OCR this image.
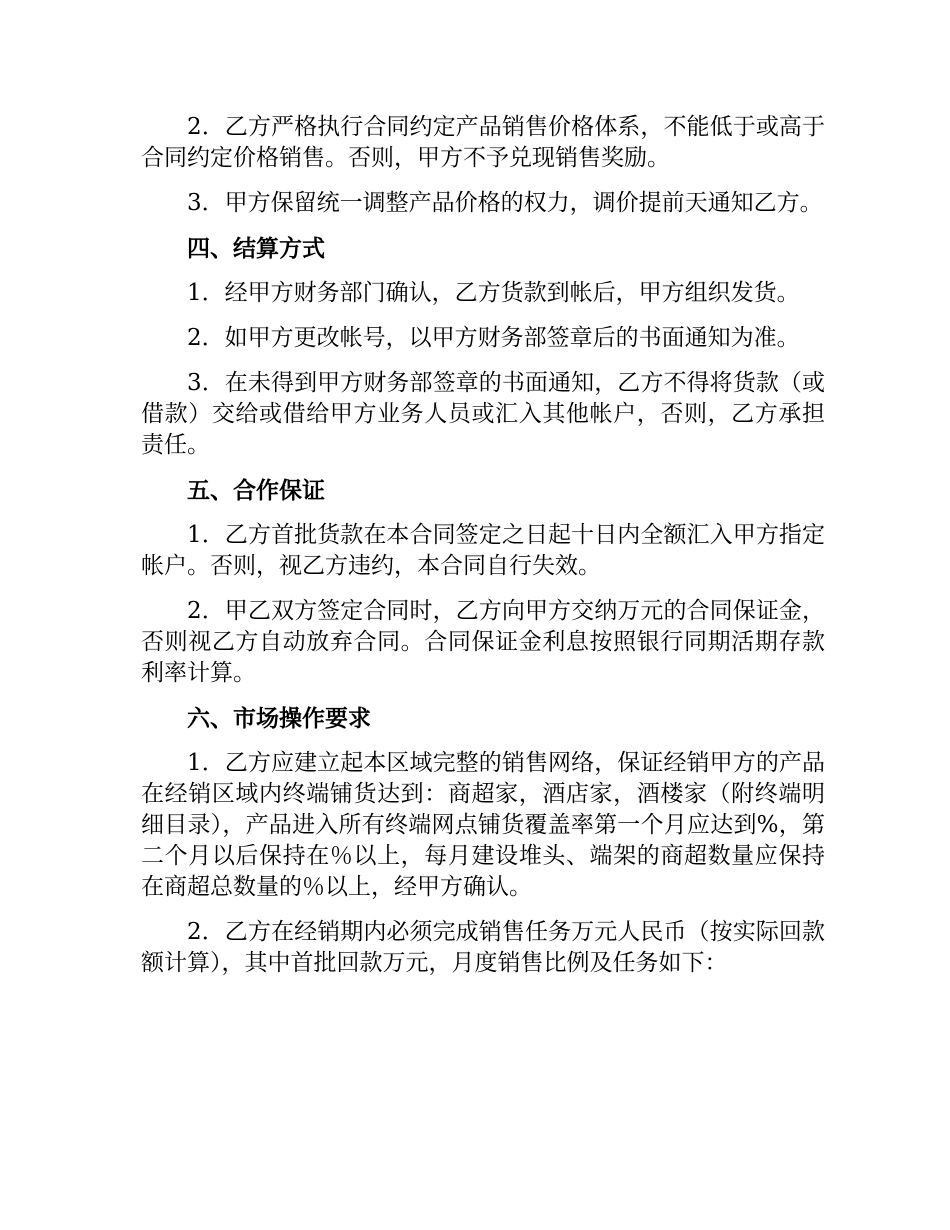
2．乙方严格执行合同约定产品销售价格体系，不能低于或高于合同约定价格销售。否则，甲方不予兑现销售奖励。

3．甲方保留统一调整产品价格的权力，调价提前天通知乙方。

四、结算方式

1．经甲方财务部门确认，乙方货款到帐后，甲方组织发货。

2．如甲方更改帐号，以甲方财务部签章后的书面通知为准。

3．在未得到甲方财务部签章的书面通知，乙方不得将货款（或借款）交给或借给甲方业务人员或汇入其他帐户，否则，乙方承担责任。

五、合作保证

1．乙方首批货款在本合同签定之日起十日内全额汇入甲方指定帐户。否则，视乙方违约，本合同自行失效。

2．甲乙双方签定合同时，乙方向甲方交纳万元的合同保证金，否则视乙方自动放弃合同。合同保证金利息按照银行同期活期存款利率计算。

六、市场操作要求

1．乙方应建立起本区域完整的销售网络，保证经销甲方的产品在经销区域内终端铺货达到：商超家，酒店家，酒楼家（附终端明细目录），产品进入所有终端网点铺货覆盖率第一个月应达到%，第二个月以后保持在％以上，每月建设堆头、端架的商超数量应保持在商超总数量的％以上，经甲方确认。

2．乙方在经销期内必须完成销售任务万元人民币（按实际回款额计算），其中首批回款万元，月度销售比例及任务如下：
